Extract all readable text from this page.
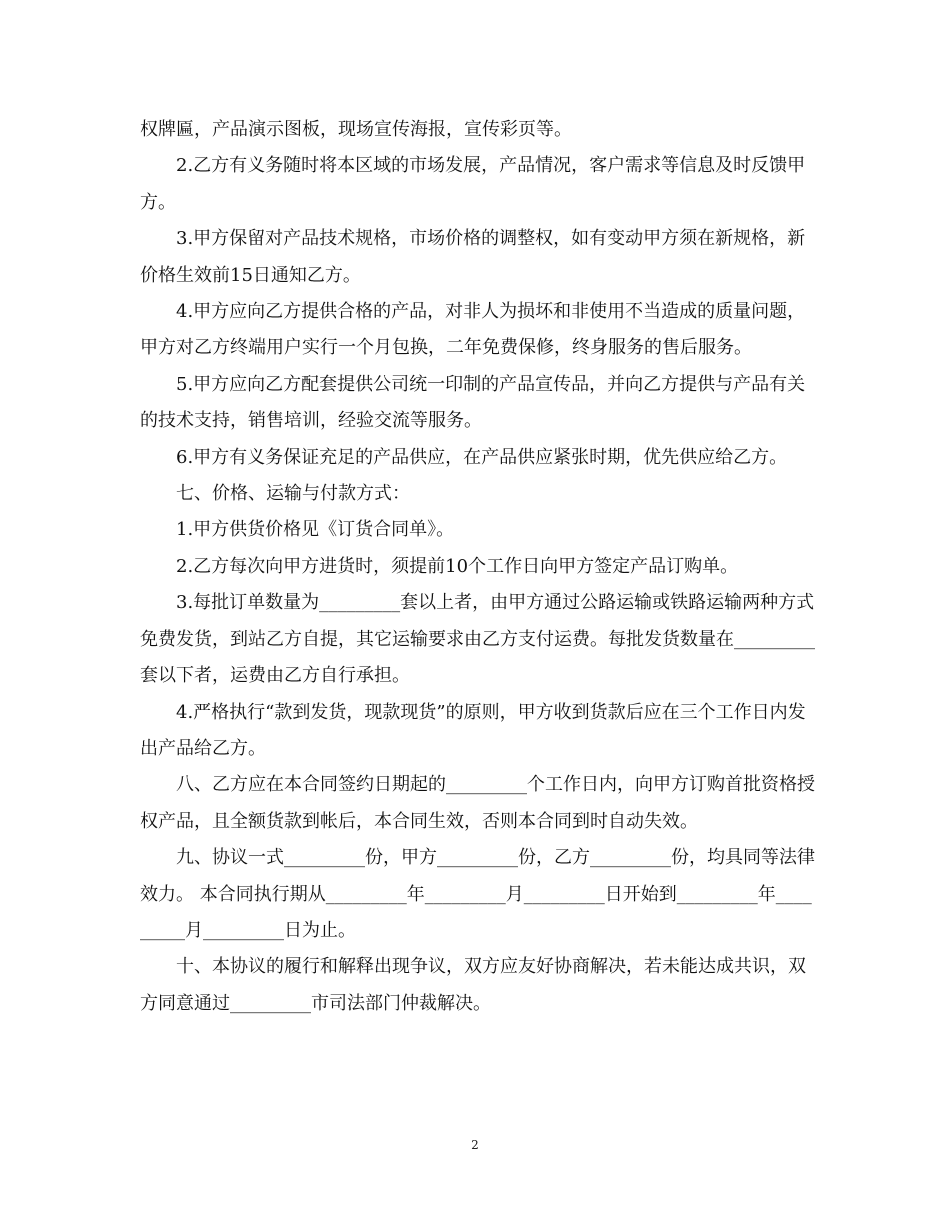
权牌匾，产品演示图板，现场宣传海报，宣传彩页等。

2.乙方有义务随时将本区域的市场发展，产品情况，客户需求等信息及时反馈甲方。

3.甲方保留对产品技术规格，市场价格的调整权，如有变动甲方须在新规格，新价格生效前15日通知乙方。

4.甲方应向乙方提供合格的产品，对非人为损坏和非使用不当造成的质量问题，甲方对乙方终端用户实行一个月包换，二年免费保修，终身服务的售后服务。

5.甲方应向乙方配套提供公司统一印制的产品宣传品，并向乙方提供与产品有关的技术支持，销售培训，经验交流等服务。

6.甲方有义务保证充足的产品供应，在产品供应紧张时期，优先供应给乙方。

七、价格、运输与付款方式：

1.甲方供货价格见《订货合同单》。

2.乙方每次向甲方进货时，须提前10个工作日向甲方签定产品订购单。

3.每批订单数量为_________套以上者，由甲方通过公路运输或铁路运输两种方式免费发货，到站乙方自提，其它运输要求由乙方支付运费。每批发货数量在_________套以下者，运费由乙方自行承担。

4.严格执行“款到发货，现款现货”的原则，甲方收到货款后应在三个工作日内发出产品给乙方。

八、乙方应在本合同签约日期起的_________个工作日内，向甲方订购首批资格授权产品，且全额货款到帐后，本合同生效，否则本合同到时自动失效。

九、协议一式_________份，甲方_________份，乙方_________份，均具同等法律效力。 本合同执行期从_________年_________月_________日开始到_________年_________月_________日为止。

十、本协议的履行和解释出现争议，双方应友好协商解决，若未能达成共识，双方同意通过_________市司法部门仲裁解决。

2
